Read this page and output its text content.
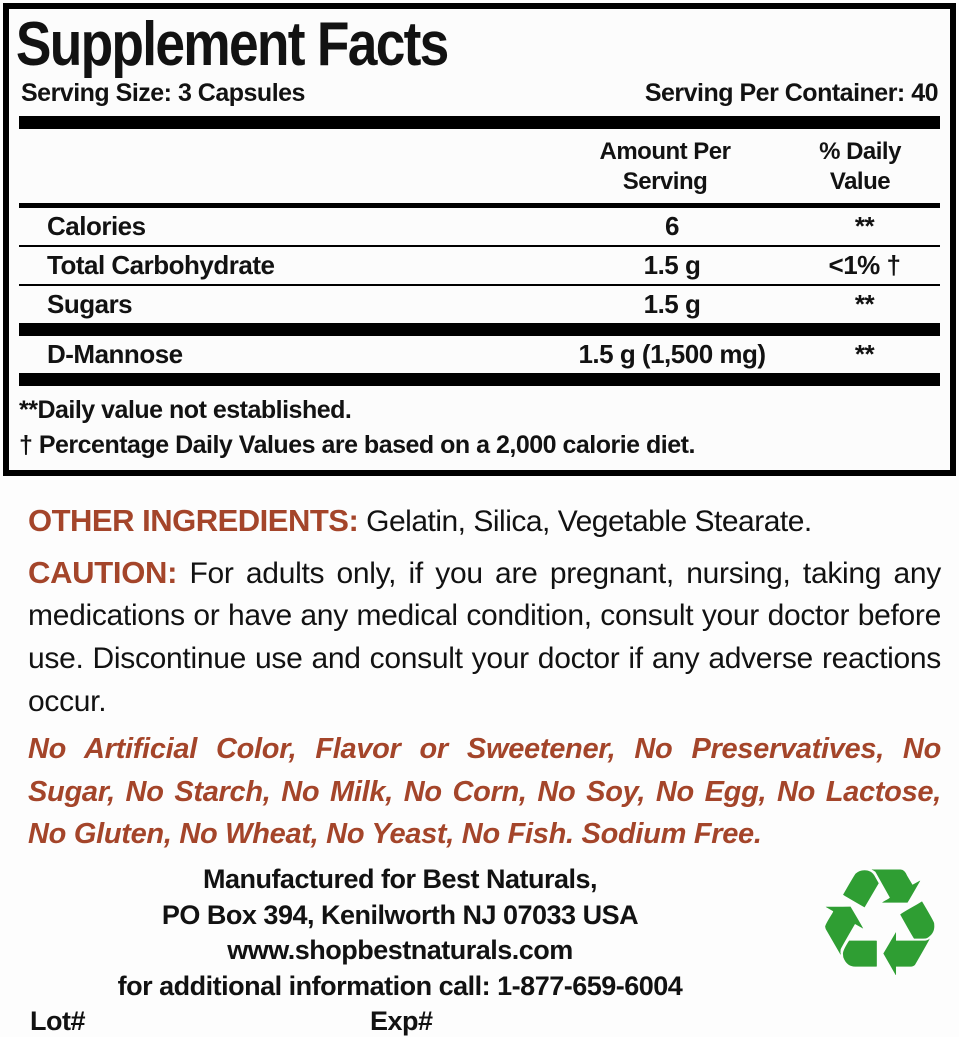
Supplement Facts
Serving Size: 3 Capsules	Serving Per Container: 40
Amount Per Serving
% Daily Value
Calories	6	**
Total Carbohydrate	1.5 g	<1% †
Sugars	1.5 g	**
D-Mannose	1.5 g (1,500 mg)	**
**Daily value not established.
† Percentage Daily Values are based on a 2,000 calorie diet.

OTHER INGREDIENTS: Gelatin, Silica, Vegetable Stearate.

CAUTION: For adults only, if you are pregnant, nursing, taking any medications or have any medical condition, consult your doctor before use. Discontinue use and consult your doctor if any adverse reactions occur.

No Artificial Color, Flavor or Sweetener, No Preservatives, No Sugar, No Starch, No Milk, No Corn, No Soy, No Egg, No Lactose, No Gluten, No Wheat, No Yeast, No Fish. Sodium Free.

Manufactured for Best Naturals,
PO Box 394, Kenilworth NJ 07033 USA
www.shopbestnaturals.com
for additional information call: 1-877-659-6004
Lot#	Exp#
♻
